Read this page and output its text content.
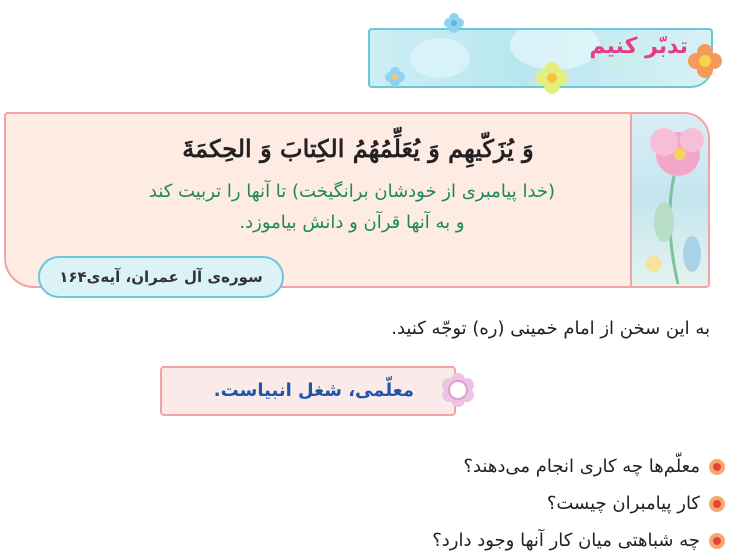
تدبّر کنیم
وَ یُزَکّیهِم وَ یُعَلِّمُهُمُ الکِتابَ وَ الحِکمَةَ
(خدا پیامبری از خودشان برانگیخت) تا آنها را تربیت کند
و به آنها قرآن و دانش بیاموزد.
سوره‌ی آل عمران، آیه‌ی۱۶۴
به این سخن از امام خمینی (ره) توجّه کنید.
معلّمی، شغل انبیاست.
معلّم‌ها چه کاری انجام می‌دهند؟
کار پیامبران چیست؟
چه شباهتی میان کار آنها وجود دارد؟
